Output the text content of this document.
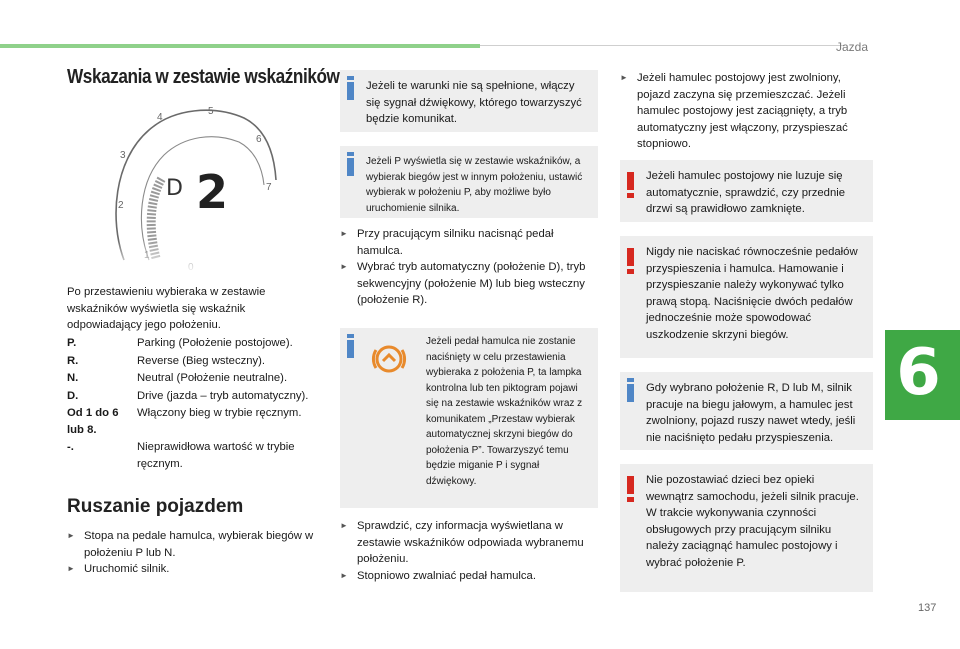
Jazda
6
137
Wskazania w zestawie wskaźników
D 2
2
3
4
5
6
7
Po przestawieniu wybieraka w zestawie wskaźników wyświetla się wskaźnik odpowiadający jego położeniu.
P.	Parking (Położenie postojowe).
R.	Reverse (Bieg wsteczny).
N.	Neutral (Położenie neutralne).
D.	Drive (jazda – tryb automatyczny).
Od 1 do 6 lub 8.	Włączony bieg w trybie ręcznym.
-.	Nieprawidłowa wartość w trybie ręcznym.
Ruszanie pojazdem
► Stopa na pedale hamulca, wybierak biegów w położeniu P lub N.
► Uruchomić silnik.
Jeżeli te warunki nie są spełnione, włączy się sygnał dźwiękowy, którego towarzyszyć będzie komunikat.
Jeżeli P wyświetla się w zestawie wskaźników, a wybierak biegów jest w innym położeniu, ustawić wybierak w położeniu P, aby możliwe było uruchomienie silnika.
► Przy pracującym silniku nacisnąć pedał hamulca.
► Wybrać tryb automatyczny (położenie D), tryb sekwencyjny (położenie M) lub bieg wsteczny (położenie R).
Jeżeli pedał hamulca nie zostanie naciśnięty w celu przestawienia wybieraka z położenia P, ta lampka kontrolna lub ten piktogram pojawi się na zestawie wskaźników wraz z komunikatem „Przestaw wybierak automatycznej skrzyni biegów do położenia P”. Towarzyszyć temu będzie miganie P i sygnał dźwiękowy.
► Sprawdzić, czy informacja wyświetlana w zestawie wskaźników odpowiada wybranemu położeniu.
► Stopniowo zwalniać pedał hamulca.
► Jeżeli hamulec postojowy jest zwolniony, pojazd zaczyna się przemieszczać. Jeżeli hamulec postojowy jest zaciągnięty, a tryb automatyczny jest włączony, przyspieszać stopniowo.
Jeżeli hamulec postojowy nie luzuje się automatycznie, sprawdzić, czy przednie drzwi są prawidłowo zamknięte.
Nigdy nie naciskać równocześnie pedałów przyspieszenia i hamulca. Hamowanie i przyspieszanie należy wykonywać tylko prawą stopą. Naciśnięcie dwóch pedałów jednocześnie może spowodować uszkodzenie skrzyni biegów.
Gdy wybrano położenie R, D lub M, silnik pracuje na biegu jałowym, a hamulec jest zwolniony, pojazd ruszy nawet wtedy, jeśli nie naciśnięto pedału przyspieszenia.
Nie pozostawiać dzieci bez opieki wewnątrz samochodu, jeżeli silnik pracuje. W trakcie wykonywania czynności obsługowych przy pracującym silniku należy zaciągnąć hamulec postojowy i wybrać położenie P.
